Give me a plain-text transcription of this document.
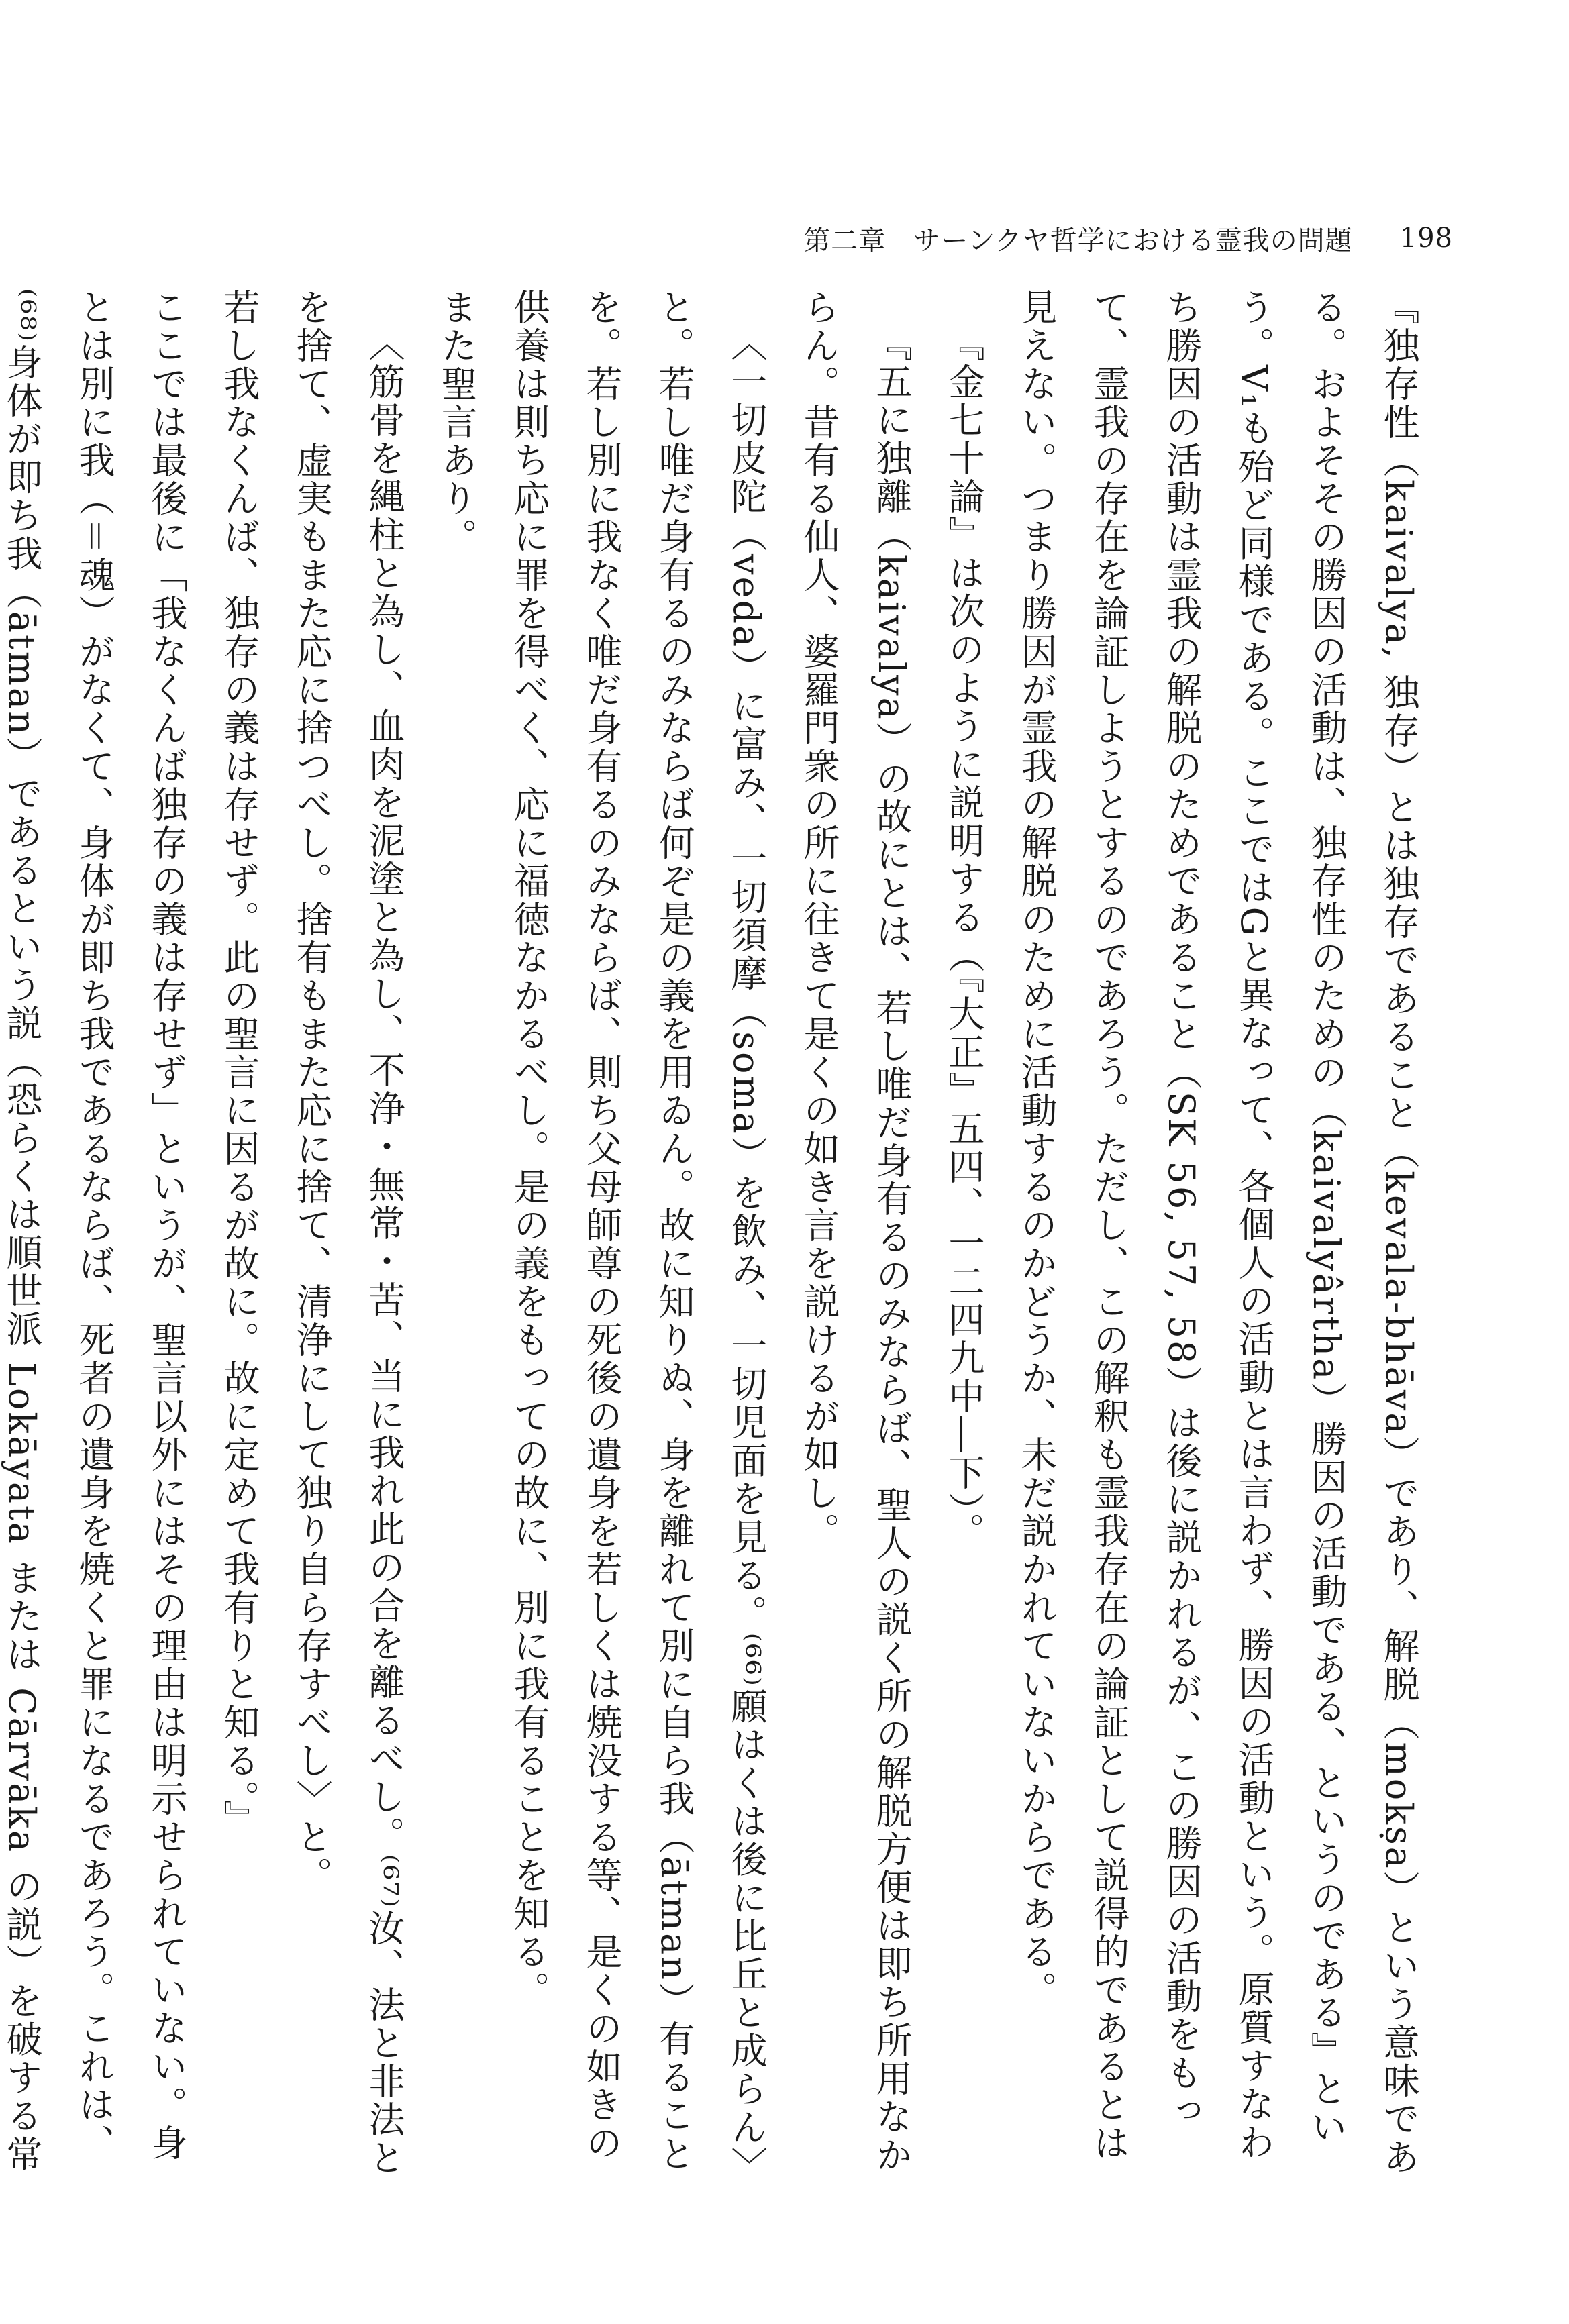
第二章　サーンクヤ哲学における霊我の問題 198

『独存性（kaivalya, 独存）とは独存であること（kevala-bhāva）であり、解脱（mokṣa）という意味である。およそその勝因の活動は、独存性のための（kaivalyârtha）勝因の活動である、というのである』という。V₁も殆ど同様である。ここではGと異なって、各個人の活動とは言わず、勝因の活動という。原質すなわち勝因の活動は霊我の解脱のためであること（SK 56, 57, 58）は後に説かれるが、この勝因の活動をもって、霊我の存在を論証しようとするのであろう。ただし、この解釈も霊我存在の論証として説得的であるとは見えない。つまり勝因が霊我の解脱のために活動するのかどうか、未だ説かれていないからである。

『金七十論』は次のように説明する（『大正』五四、一二四九中―下）。

『五に独離（kaivalya）の故にとは、若し唯だ身有るのみならば、聖人の説く所の解脱方便は即ち所用なからん。昔有る仙人、婆羅門衆の所に往きて是くの如き言を説けるが如し。

〈一切皮陀（veda）に富み、一切須摩（soma）を飲み、一切児面を見る。⁽⁶⁶⁾願はくは後に比丘と成らん〉と。若し唯だ身有るのみならば何ぞ是の義を用ゐん。故に知りぬ、身を離れて別に自ら我（ātman）有ることを。若し別に我なく唯だ身有るのみならば、則ち父母師尊の死後の遺身を若しくは焼没する等、是くの如きの供養は則ち応に罪を得べく、応に福徳なかるべし。是の義をもっての故に、別に我有ることを知る。

また聖言あり。

〈筋骨を縄柱と為し、血肉を泥塗と為し、不浄・無常・苦、当に我れ此の合を離るべし。⁽⁶⁷⁾汝、法と非法とを捨て、虚実もまた応に捨つべし。捨有もまた応に捨て、清浄にして独り自ら存すべし〉と。

若し我なくんば、独存の義は存せず。此の聖言に因るが故に。故に定めて我有りと知る。』

ここでは最後に「我なくんば独存の義は存せず」というが、聖言以外にはその理由は明示せられていない。身とは別に我（＝魂）がなくて、身体が即ち我であるならば、死者の遺身を焼くと罪になるであろう。これは、⁽⁶⁸⁾身体が即ち我（ātman）であるという説（恐らくは順世派 Lokāyata または Cārvāka の説）を破する常
